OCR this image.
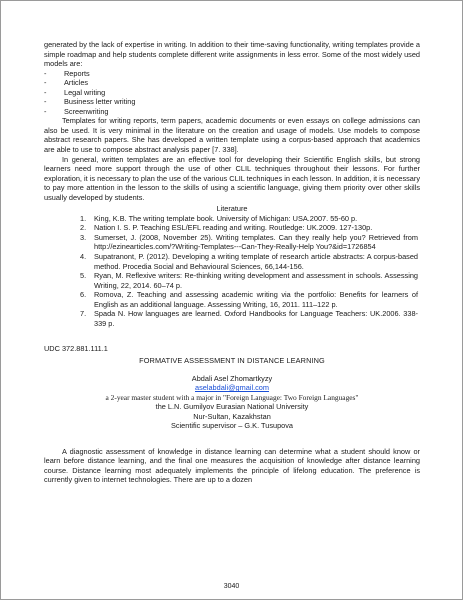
generated by the lack of expertise in writing. In addition to their time-saving functionality, writing templates provide a simple roadmap and help students complete different write assignments in less error. Some of the most widely used models are:

- Reports
- Articles
- Legal writing
- Business letter writing
- Screenwriting

Templates for writing reports, term papers, academic documents or even essays on college admissions can also be used. It is very minimal in the literature on the creation and usage of models. Use models to compose abstract research papers. She has developed a written template using a corpus-based approach that academics are able to use to compose abstract analysis paper [7. 338].

In general, written templates are an effective tool for developing their Scientific English skills, but strong learners need more support through the use of other CLIL techniques throughout their lessons. For further exploration, it is necessary to plan the use of the various CLIL techniques in each lesson. In addition, it is necessary to pay more attention in the lesson to the skills of using a scientific language, giving them priority over other skills usually developed by students.

Literature
1. King, K.B. The writing template book. University of Michigan: USA.2007. 55-60 p.
2. Nation I. S. P. Teaching ESL/EFL reading and writing. Routledge: UK.2009. 127-130p.
3. Sumerset, J. (2008, November 25). Writing templates. Can they really help you? Retrieved from http://ezinearticles.com/?Writing-Templates---Can-They-Really-Help You?&id=1726854
4. Supatranont, P. (2012). Developing a writing template of research article abstracts: A corpus-based method. Procedia Social and Behavioural Sciences, 66,144-156.
5. Ryan, M. Reflexive writers: Re-thinking writing development and assessment in schools. Assessing Writing, 22, 2014. 60–74 p.
6. Romova, Z. Teaching and assessing academic writing via the portfolio: Benefits for learners of English as an additional language. Assessing Writing, 16, 2011. 111–122 p.
7. Spada N. How languages are learned. Oxford Handbooks for Language Teachers: UK.2006. 338-339 p.
UDC 372.881.111.1
FORMATIVE ASSESSMENT IN DISTANCE LEARNING
Abdali Asel Zhomartkyzy
aselabdali@gmail.com
a 2-year master student with a major in "Foreign Language: Two Foreign Languages"
the L.N. Gumilyov Eurasian National University
Nur-Sultan, Kazakhstan
Scientific supervisor – G.K. Tusupova

A diagnostic assessment of knowledge in distance learning can determine what a student should know or learn before distance learning, and the final one measures the acquisition of knowledge after distance learning course. Distance learning most adequately implements the principle of lifelong education. The preference is currently given to internet technologies. There are up to a dozen

3040
